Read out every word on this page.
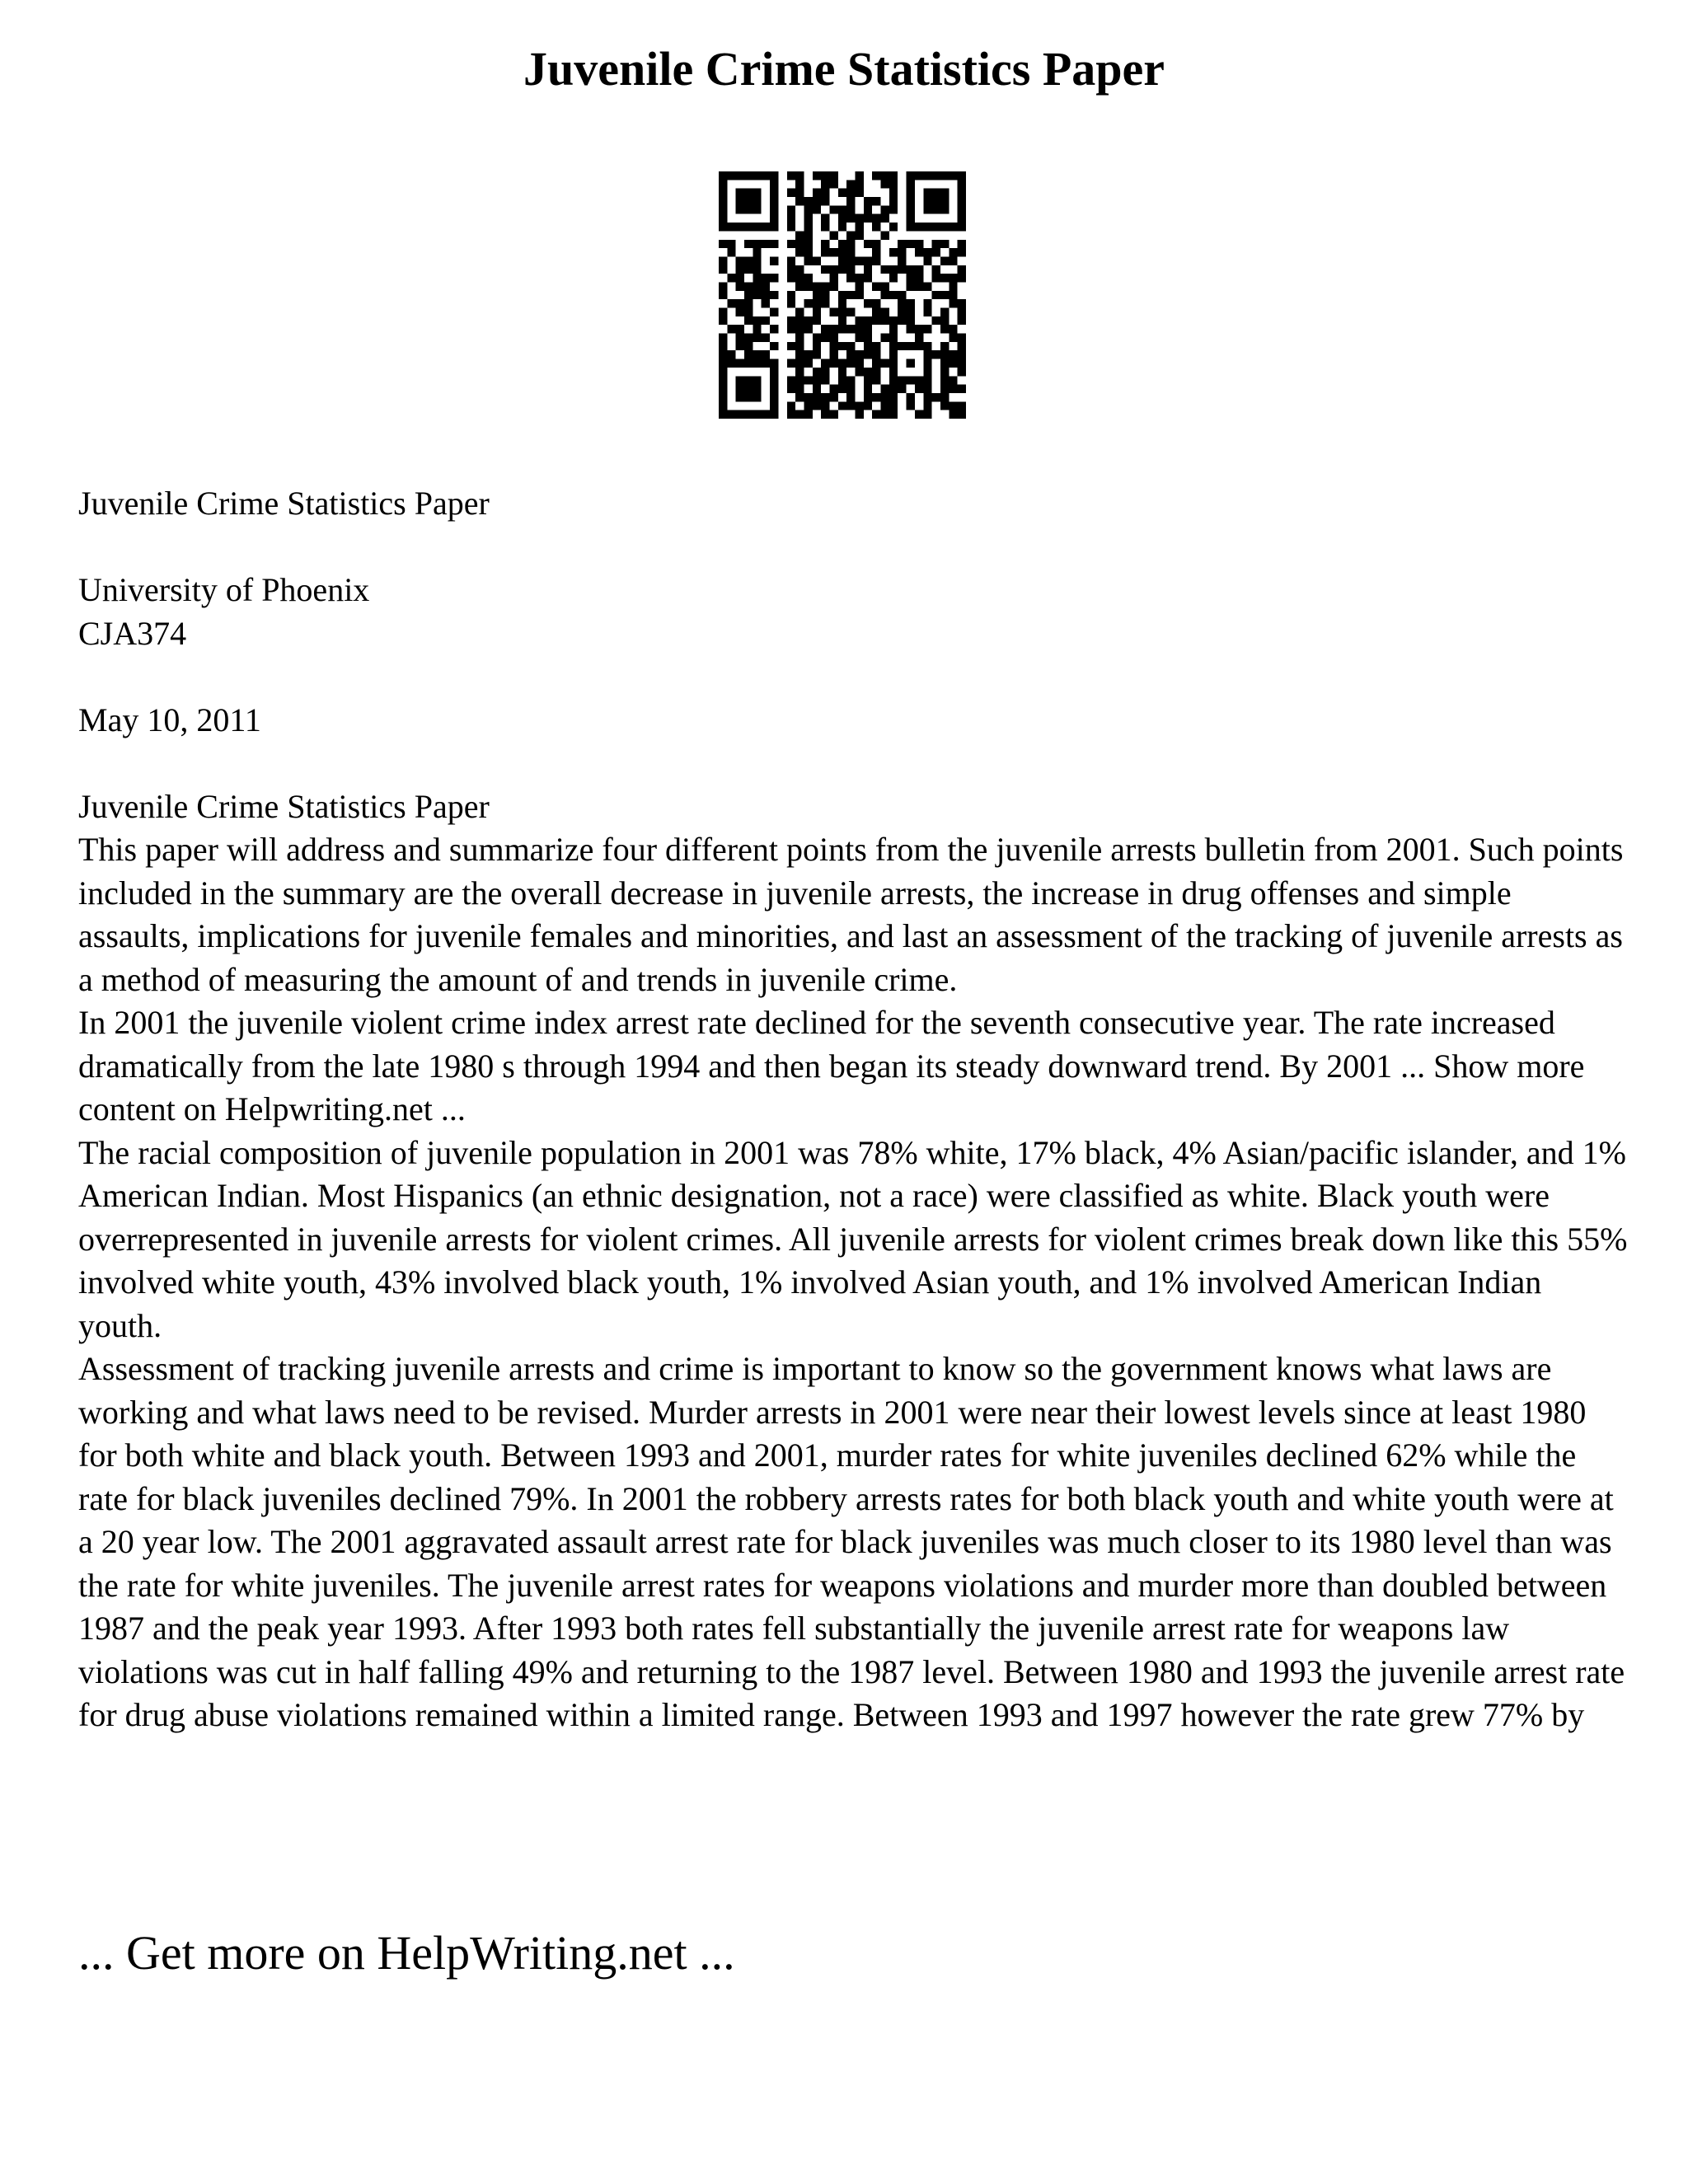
Juvenile Crime Statistics Paper

Juvenile Crime Statistics Paper

University of Phoenix

CJA374

May 10, 2011

Juvenile Crime Statistics Paper

This paper will address and summarize four different points from the juvenile arrests bulletin from 2001. Such points included in the summary are the overall decrease in juvenile arrests, the increase in drug offenses and simple assaults, implications for juvenile females and minorities, and last an assessment of the tracking of juvenile arrests as a method of measuring the amount of and trends in juvenile crime.

In 2001 the juvenile violent crime index arrest rate declined for the seventh consecutive year. The rate increased dramatically from the late 1980 s through 1994 and then began its steady downward trend. By 2001 ... Show more content on Helpwriting.net ...

The racial composition of juvenile population in 2001 was 78% white, 17% black, 4% Asian/pacific islander, and 1% American Indian. Most Hispanics (an ethnic designation, not a race) were classified as white. Black youth were overrepresented in juvenile arrests for violent crimes. All juvenile arrests for violent crimes break down like this 55% involved white youth, 43% involved black youth, 1% involved Asian youth, and 1% involved American Indian youth.

Assessment of tracking juvenile arrests and crime is important to know so the government knows what laws are working and what laws need to be revised. Murder arrests in 2001 were near their lowest levels since at least 1980 for both white and black youth. Between 1993 and 2001, murder rates for white juveniles declined 62% while the rate for black juveniles declined 79%. In 2001 the robbery arrests rates for both black youth and white youth were at a 20 year low. The 2001 aggravated assault arrest rate for black juveniles was much closer to its 1980 level than was the rate for white juveniles. The juvenile arrest rates for weapons violations and murder more than doubled between 1987 and the peak year 1993. After 1993 both rates fell substantially the juvenile arrest rate for weapons law violations was cut in half falling 49% and returning to the 1987 level. Between 1980 and 1993 the juvenile arrest rate for drug abuse violations remained within a limited range. Between 1993 and 1997 however the rate grew 77% by

... Get more on HelpWriting.net ...
